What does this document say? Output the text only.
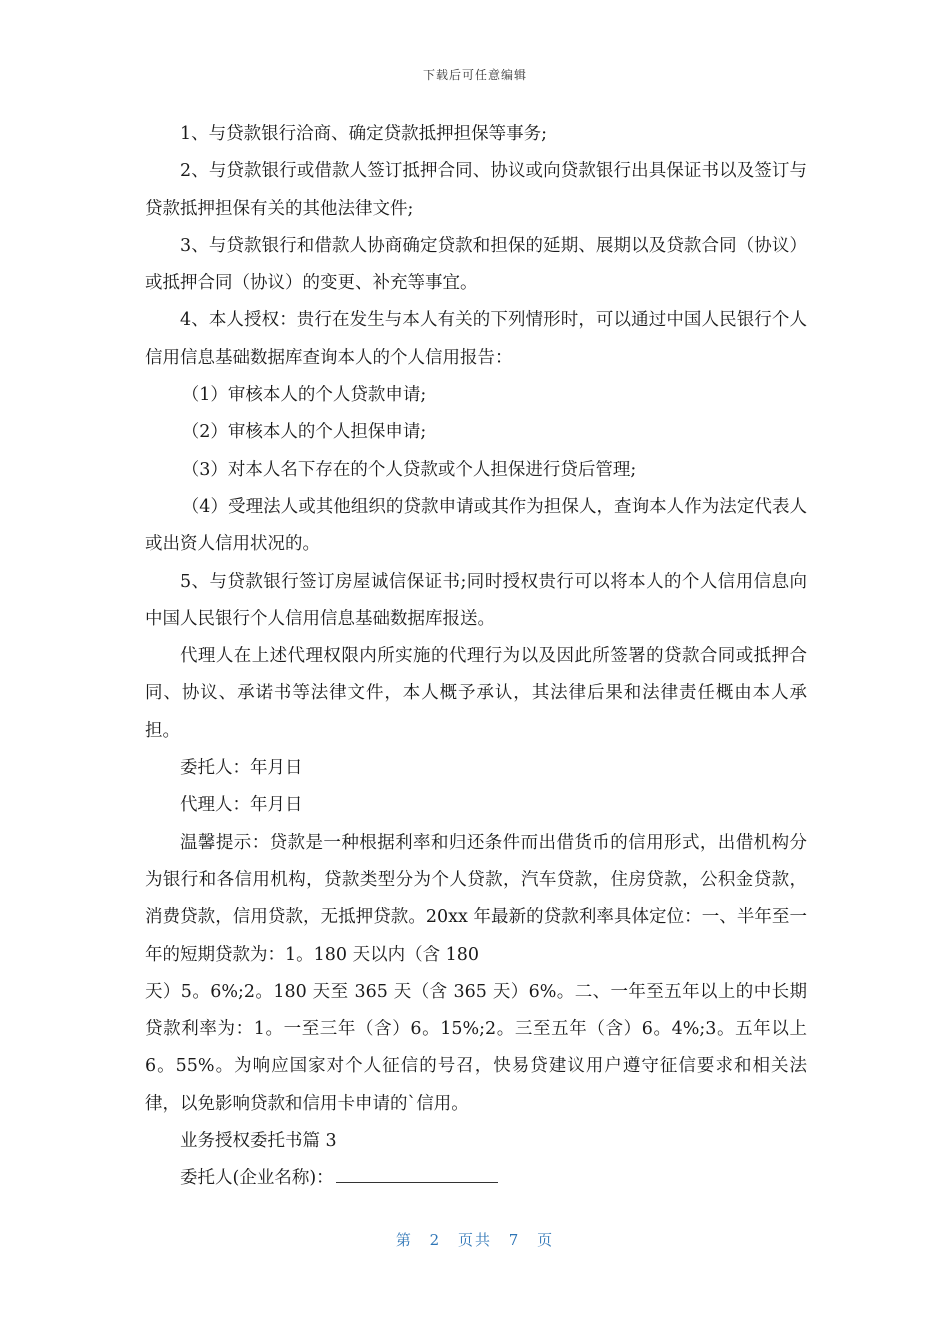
下载后可任意编辑

1、与贷款银行洽商、确定贷款抵押担保等事务;

2、与贷款银行或借款人签订抵押合同、协议或向贷款银行出具保证书以及签订与贷款抵押担保有关的其他法律文件;

3、与贷款银行和借款人协商确定贷款和担保的延期、展期以及贷款合同（协议）或抵押合同（协议）的变更、补充等事宜。

4、本人授权：贵行在发生与本人有关的下列情形时，可以通过中国人民银行个人信用信息基础数据库查询本人的个人信用报告：

（1）审核本人的个人贷款申请;

（2）审核本人的个人担保申请;

（3）对本人名下存在的个人贷款或个人担保进行贷后管理;

（4）受理法人或其他组织的贷款申请或其作为担保人，查询本人作为法定代表人或出资人信用状况的。

5、与贷款银行签订房屋诚信保证书;同时授权贵行可以将本人的个人信用信息向中国人民银行个人信用信息基础数据库报送。

代理人在上述代理权限内所实施的代理行为以及因此所签署的贷款合同或抵押合同、协议、承诺书等法律文件，本人概予承认，其法律后果和法律责任概由本人承担。

委托人：年月日

代理人：年月日

温馨提示：贷款是一种根据利率和归还条件而出借货币的信用形式，出借机构分为银行和各信用机构，贷款类型分为个人贷款，汽车贷款，住房贷款，公积金贷款，消费贷款，信用贷款，无抵押贷款。20xx 年最新的贷款利率具体定位：一、半年至一年的短期贷款为：1。180 天以内（含 180

天）5。6%;2。180 天至 365 天（含 365 天）6%。二、一年至五年以上的中长期贷款利率为：1。一至三年（含）6。15%;2。三至五年（含）6。4%;3。五年以上 6。55%。为响应国家对个人征信的号召，快易贷建议用户遵守征信要求和相关法律，以免影响贷款和信用卡申请的`信用。

业务授权委托书篇 3

委托人(企业名称)：

第 2 页共 7 页
